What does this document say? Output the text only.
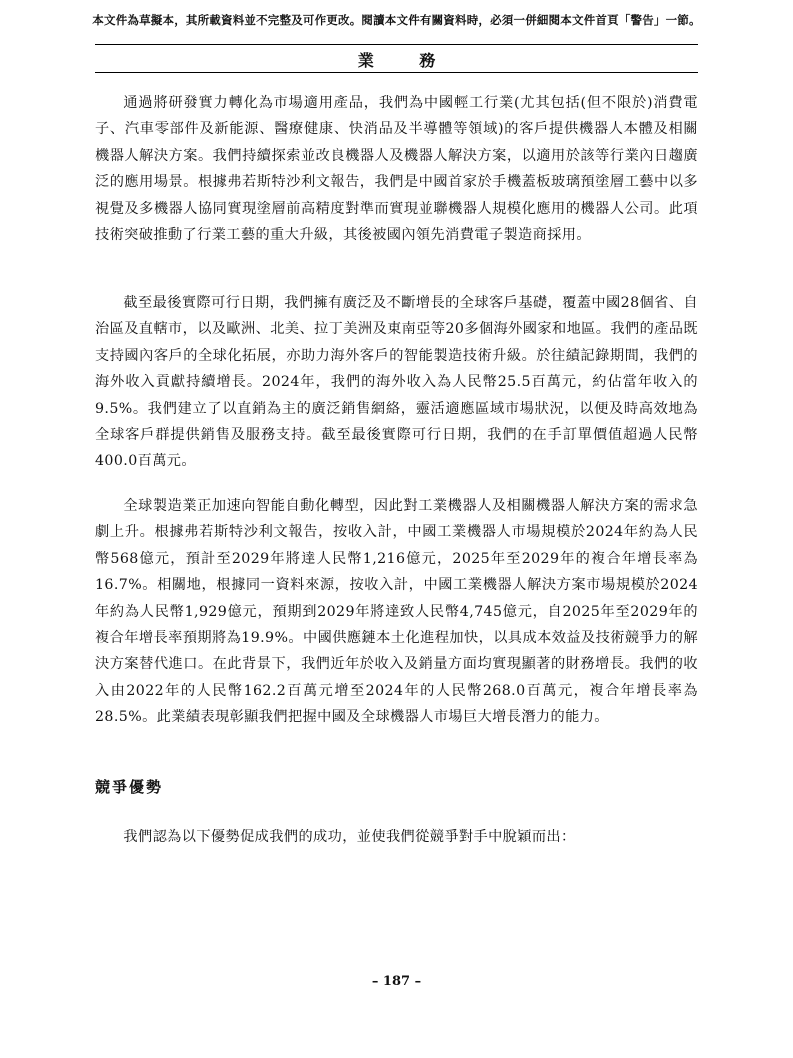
本文件為草擬本，其所載資料並不完整及可作更改。閱讀本文件有關資料時，必須一併細閱本文件首頁「警告」一節。
業 務

通過將研發實力轉化為市場適用產品，我們為中國輕工行業(尤其包括(但不限於)消費電子、汽車零部件及新能源、醫療健康、快消品及半導體等領域)的客戶提供機器人本體及相關機器人解決方案。我們持續探索並改良機器人及機器人解決方案，以適用於該等行業內日趨廣泛的應用場景。根據弗若斯特沙利文報告，我們是中國首家於手機蓋板玻璃預塗層工藝中以多視覺及多機器人協同實現塗層前高精度對準而實現並聯機器人規模化應用的機器人公司。此項技術突破推動了行業工藝的重大升級，其後被國內領先消費電子製造商採用。

截至最後實際可行日期，我們擁有廣泛及不斷增長的全球客戶基礎，覆蓋中國28個省、自治區及直轄市，以及歐洲、北美、拉丁美洲及東南亞等20多個海外國家和地區。我們的產品既支持國內客戶的全球化拓展，亦助力海外客戶的智能製造技術升級。於往績記錄期間，我們的海外收入貢獻持續增長。2024年，我們的海外收入為人民幣25.5百萬元，約佔當年收入的9.5%。我們建立了以直銷為主的廣泛銷售網絡，靈活適應區域市場狀況，以便及時高效地為全球客戶群提供銷售及服務支持。截至最後實際可行日期，我們的在手訂單價值超過人民幣400.0百萬元。

全球製造業正加速向智能自動化轉型，因此對工業機器人及相關機器人解決方案的需求急劇上升。根據弗若斯特沙利文報告，按收入計，中國工業機器人市場規模於2024年約為人民幣568億元，預計至2029年將達人民幣1,216億元，2025年至2029年的複合年增長率為16.7%。相關地，根據同一資料來源，按收入計，中國工業機器人解決方案市場規模於2024年約為人民幣1,929億元，預期到2029年將達致人民幣4,745億元，自2025年至2029年的複合年增長率預期將為19.9%。中國供應鏈本土化進程加快，以具成本效益及技術競爭力的解決方案替代進口。在此背景下，我們近年於收入及銷量方面均實現顯著的財務增長。我們的收入由2022年的人民幣162.2百萬元增至2024年的人民幣268.0百萬元，複合年增長率為28.5%。此業績表現彰顯我們把握中國及全球機器人市場巨大增長潛力的能力。

競爭優勢

我們認為以下優勢促成我們的成功，並使我們從競爭對手中脫穎而出：

– 187 –
